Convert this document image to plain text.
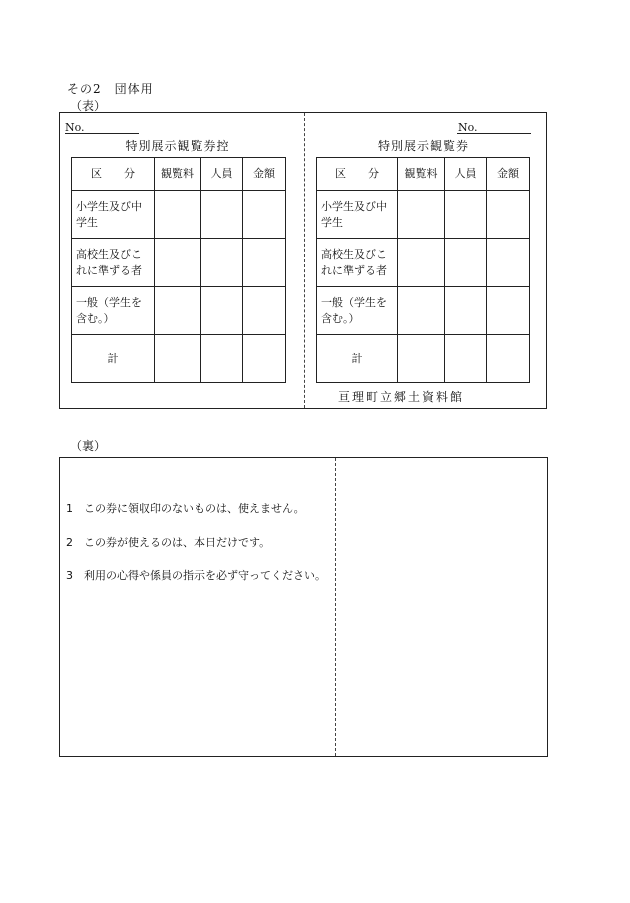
その2　団体用
（表）
No.
特別展示観覧券控
区　　分	観覧料	人員	金額
小学生及び中学生			
高校生及びこれに準ずる者			
一般（学生を含む。）			
計			
No.
特別展示観覧券
区　　分	観覧料	人員	金額
小学生及び中学生			
高校生及びこれに準ずる者			
一般（学生を含む。）			
計			
亘理町立郷土資料館
（裏）
1　この券に領収印のないものは、使えません。
2　この券が使えるのは、本日だけです。
3　利用の心得や係員の指示を必ず守ってください。
